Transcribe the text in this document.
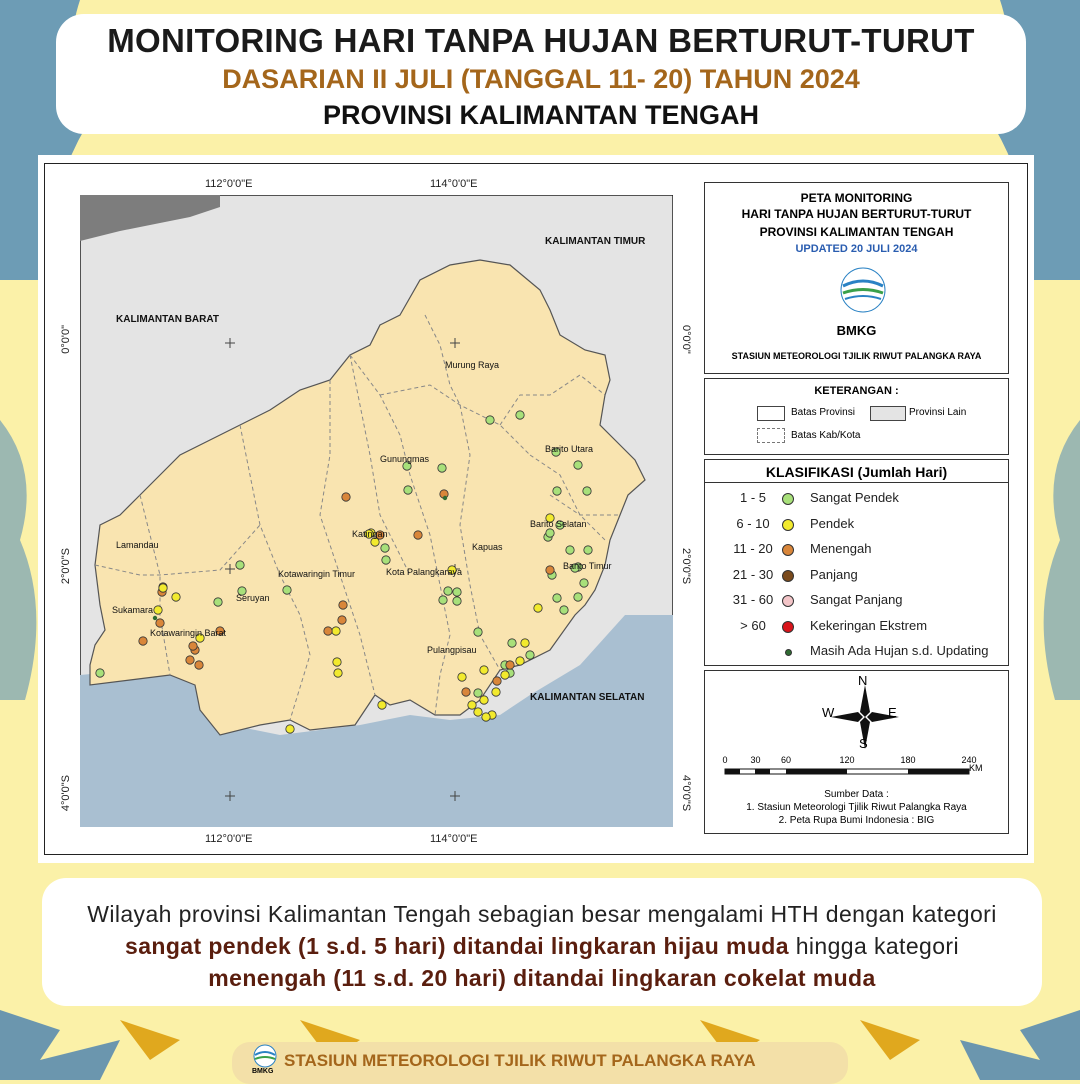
MONITORING HARI TANPA HUJAN BERTURUT-TURUT
DASARIAN II JULI (TANGGAL 11- 20) TAHUN 2024
PROVINSI KALIMANTAN TENGAH
112°0'0"E	114°0'0"E
112°0'0"E	114°0'0"E
0°0'0"
2°0'0"S
4°0'0"S
0°0'0"
2°0'0"S
4°0'0"S
KALIMANTAN BARAT
KALIMANTAN TIMUR
KALIMANTAN SELATAN
Murung Raya
Barito Utara
Gunungmas
Lamandau
Katingan
Barito Selatan
Kapuas
Kotawaringin Timur	Kota Palangkaraya
Barito Timur
Sukamara
Seruyan
Kotawaringin Barat
Pulangpisau
PETA MONITORING
HARI TANPA HUJAN BERTURUT-TURUT
PROVINSI KALIMANTAN TENGAH
UPDATED 20 JULI 2024
BMKG
STASIUN METEOROLOGI TJILIK RIWUT PALANGKA RAYA
KETERANGAN :
Batas Provinsi	Provinsi Lain
Batas Kab/Kota
KLASIFIKASI (Jumlah Hari)
1 - 5	Sangat Pendek
6 - 10	Pendek
11 - 20	Menengah
21 - 30	Panjang
31 - 60	Sangat Panjang
> 60	Kekeringan Ekstrem
Masih Ada Hujan s.d. Updating
N
S
W	E
0	30 60	120	180	240
KM
Sumber Data :
1. Stasiun Meteorologi Tjilik Riwut Palangka Raya
2. Peta Rupa Bumi Indonesia : BIG
Wilayah provinsi Kalimantan Tengah sebagian besar mengalami HTH dengan kategori sangat pendek (1 s.d. 5 hari) ditandai lingkaran hijau muda hingga kategori menengah (11 s.d. 20 hari) ditandai lingkaran cokelat muda
BMKG
STASIUN METEOROLOGI TJILIK RIWUT PALANGKA RAYA
